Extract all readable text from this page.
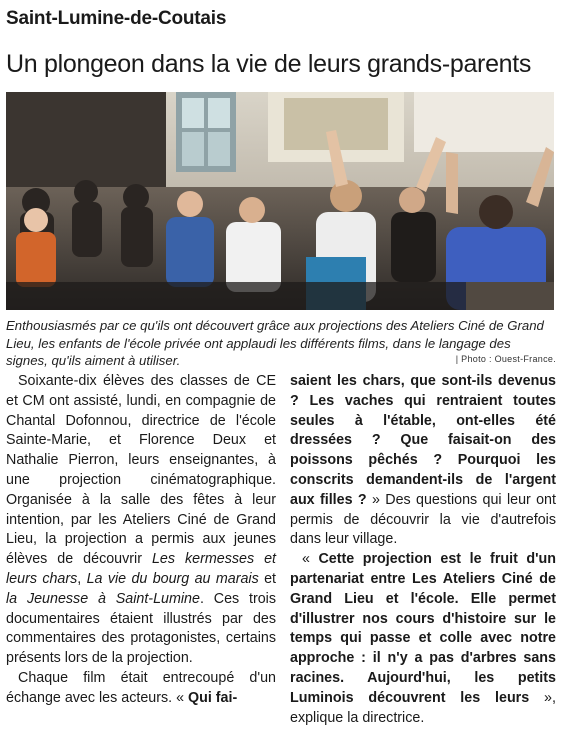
Saint-Lumine-de-Coutais
Un plongeon dans la vie de leurs grands-parents
Enthousiasmés par ce qu'ils ont découvert grâce aux projections des Ateliers Ciné de Grand Lieu, les enfants de l'école privée ont applaudi les différents films, dans le langage des signes, qu'ils aiment à utiliser.	| Photo : Ouest-France.

Soixante-dix élèves des classes de CE et CM ont assisté, lundi, en compagnie de Chantal Dofonnou, directrice de l'école Sainte-Marie, et Florence Deux et Nathalie Pierron, leurs enseignantes, à une projection cinématographique. Organisée à la salle des fêtes à leur intention, par les Ateliers Ciné de Grand Lieu, la projection a permis aux jeunes élèves de découvrir Les kermesses et leurs chars, La vie du bourg au marais et la Jeunesse à Saint-Lumine. Ces trois documentaires étaient illustrés par des commentaires des protagonistes, certains présents lors de la projection.

Chaque film était entrecoupé d'un échange avec les acteurs. « Qui fai-

saient les chars, que sont-ils devenus ? Les vaches qui rentraient toutes seules à l'étable, ont-elles été dressées ? Que faisait-on des poissons pêchés ? Pourquoi les conscrits demandent-ils de l'argent aux filles ? » Des questions qui leur ont permis de découvrir la vie d'autrefois dans leur village.

« Cette projection est le fruit d'un partenariat entre Les Ateliers Ciné de Grand Lieu et l'école. Elle permet d'illustrer nos cours d'histoire sur le temps qui passe et colle avec notre approche : il n'y a pas d'arbres sans racines. Aujourd'hui, les petits Luminois découvrent les leurs », explique la directrice.
